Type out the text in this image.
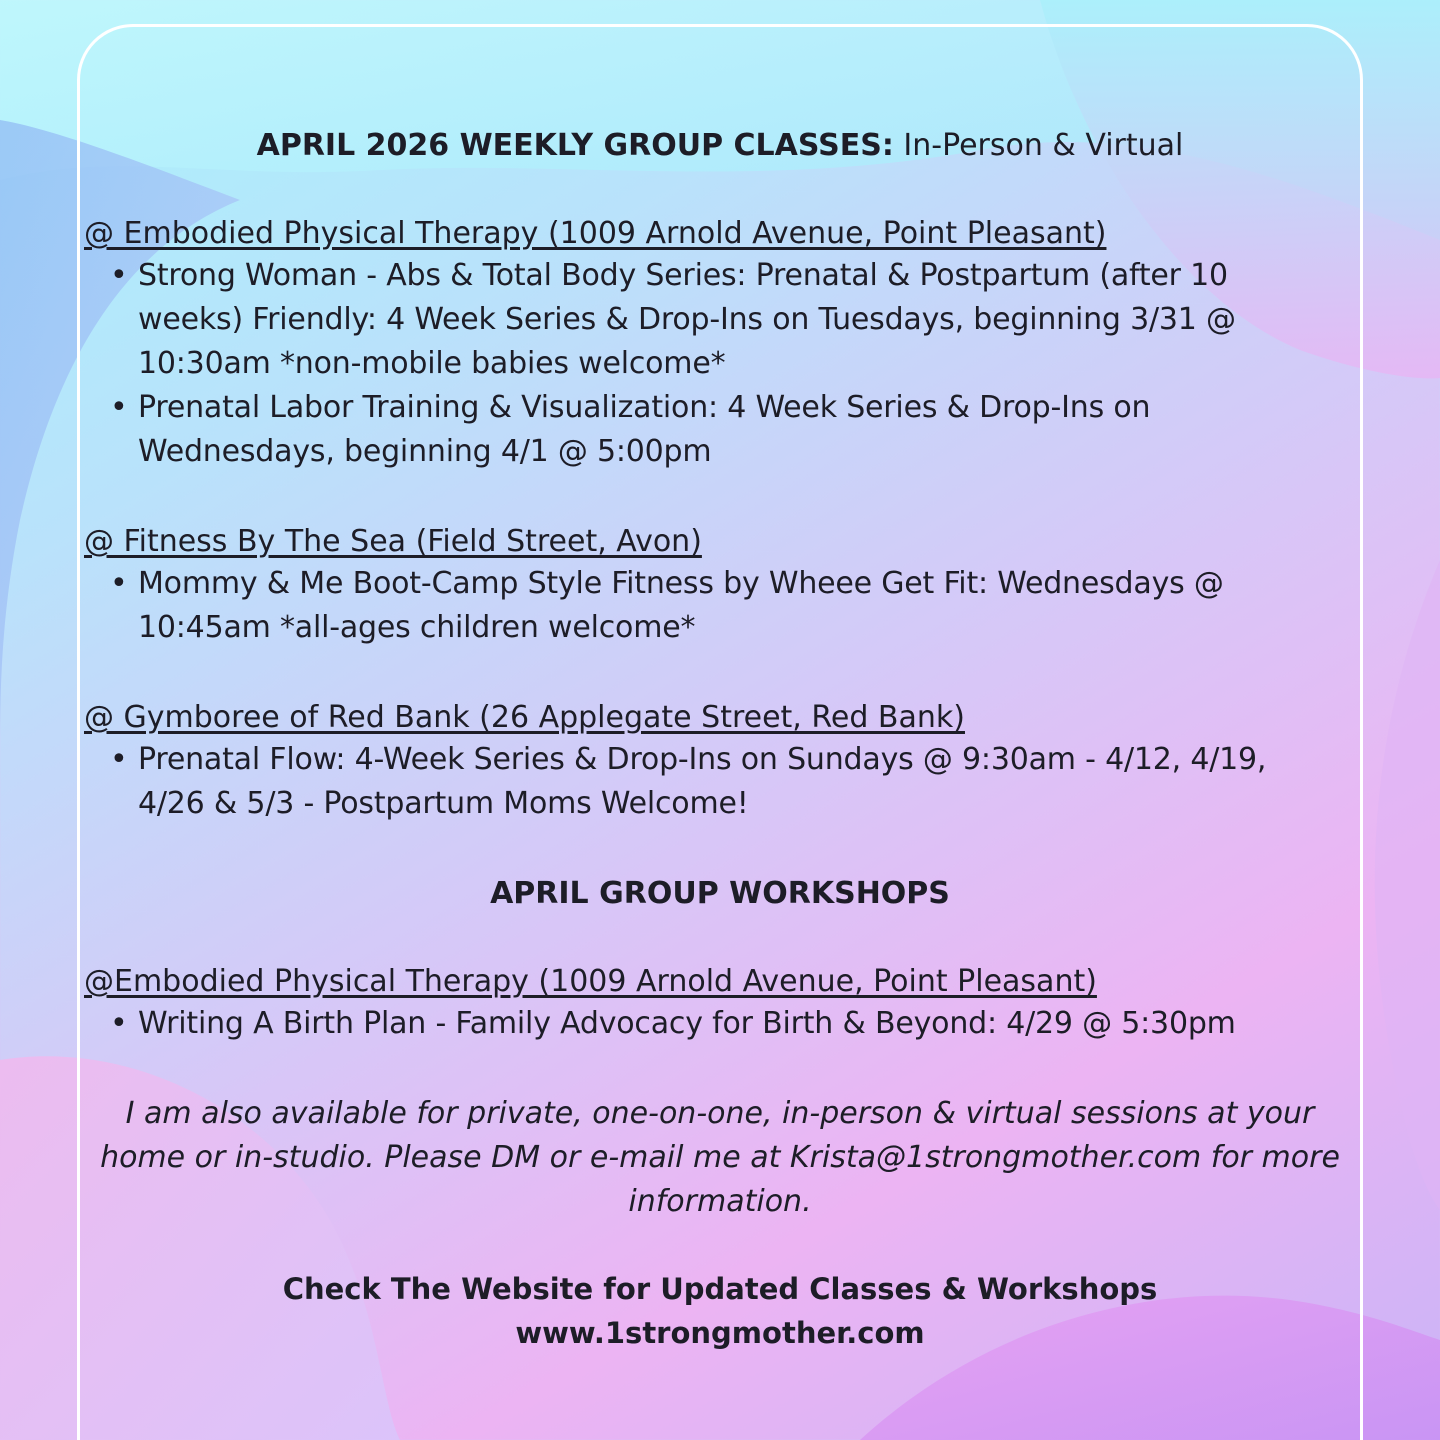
APRIL 2026 WEEKLY GROUP CLASSES: In-Person & Virtual

@ Embodied Physical Therapy (1009 Arnold Avenue, Point Pleasant)

• Strong Woman - Abs & Total Body Series: Prenatal & Postpartum (after 10 weeks) Friendly: 4 Week Series & Drop-Ins on Tuesdays, beginning 3/31 @ 10:30am *non-mobile babies welcome*
• Prenatal Labor Training & Visualization: 4 Week Series & Drop-Ins on Wednesdays, beginning 4/1 @ 5:00pm

@ Fitness By The Sea (Field Street, Avon)

• Mommy & Me Boot-Camp Style Fitness by Wheee Get Fit: Wednesdays @ 10:45am *all-ages children welcome*

@ Gymboree of Red Bank (26 Applegate Street, Red Bank)

• Prenatal Flow: 4-Week Series & Drop-Ins on Sundays @ 9:30am - 4/12, 4/19, 4/26 & 5/3 - Postpartum Moms Welcome!
APRIL GROUP WORKSHOPS

@Embodied Physical Therapy (1009 Arnold Avenue, Point Pleasant)

• Writing A Birth Plan - Family Advocacy for Birth & Beyond: 4/29 @ 5:30pm

I am also available for private, one-on-one, in-person & virtual sessions at your home or in-studio. Please DM or e-mail me at Krista@1strongmother.com for more information.

Check The Website for Updated Classes & Workshops

www.1strongmother.com
